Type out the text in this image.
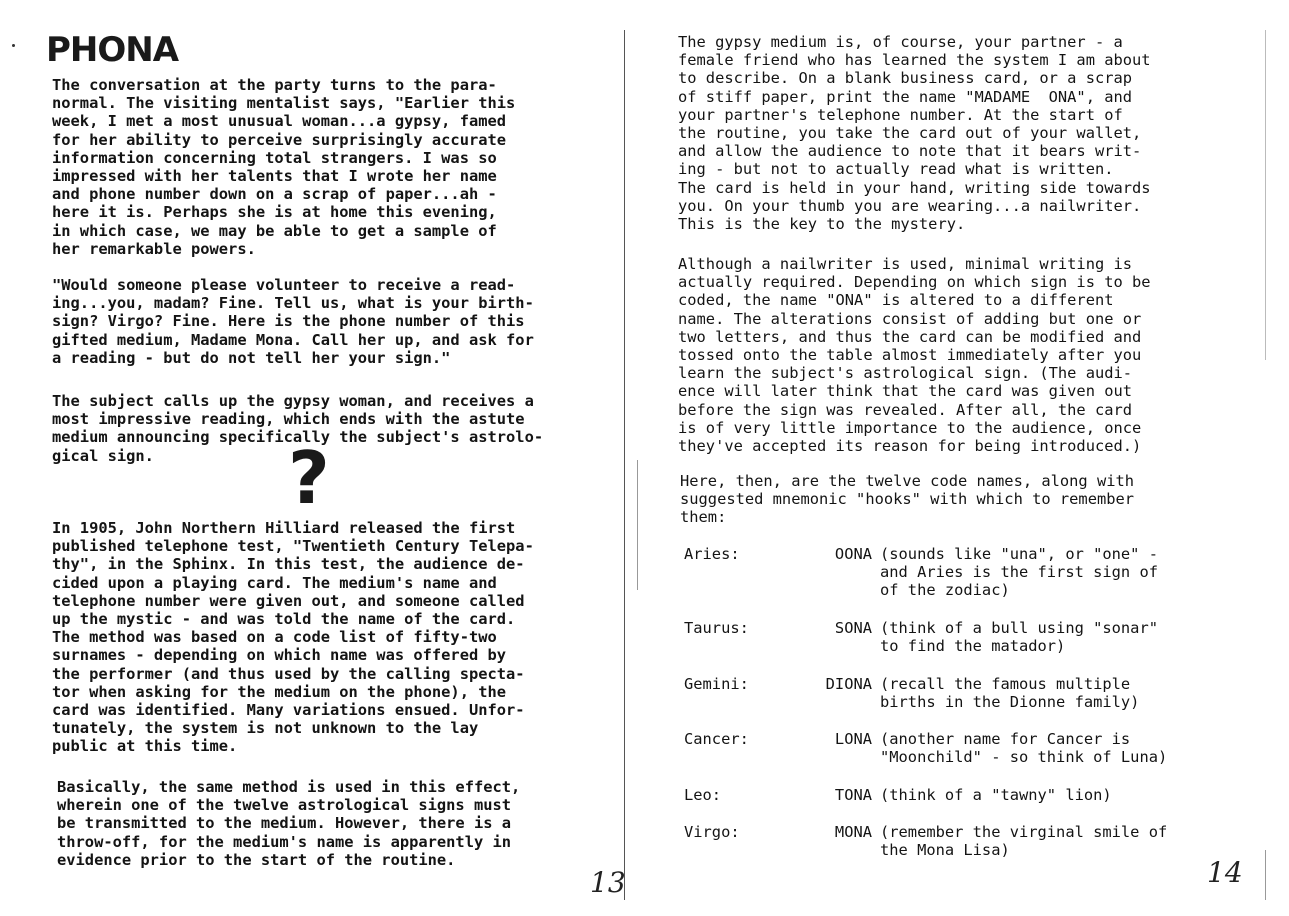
PHONA

The conversation at the party turns to the para-
normal. The visiting mentalist says, "Earlier this
week, I met a most unusual woman...a gypsy, famed
for her ability to perceive surprisingly accurate
information concerning total strangers. I was so
impressed with her talents that I wrote her name
and phone number down on a scrap of paper...ah -
here it is. Perhaps she is at home this evening,
in which case, we may be able to get a sample of
her remarkable powers.

"Would someone please volunteer to receive a read-
ing...you, madam? Fine. Tell us, what is your birth-
sign? Virgo? Fine. Here is the phone number of this
gifted medium, Madame Mona. Call her up, and ask for
a reading - but do not tell her your sign."

The subject calls up the gypsy woman, and receives a
most impressive reading, which ends with the astute
medium announcing specifically the subject's astrolo-
gical sign.	?

In 1905, John Northern Hilliard released the first
published telephone test, "Twentieth Century Telepa-
thy", in the Sphinx. In this test, the audience de-
cided upon a playing card. The medium's name and
telephone number were given out, and someone called
up the mystic - and was told the name of the card.
The method was based on a code list of fifty-two
surnames - depending on which name was offered by
the performer (and thus used by the calling specta-
tor when asking for the medium on the phone), the
card was identified. Many variations ensued. Unfor-
tunately, the system is not unknown to the lay
public at this time.

Basically, the same method is used in this effect,
wherein one of the twelve astrological signs must
be transmitted to the medium. However, there is a
throw-off, for the medium's name is apparently in
evidence prior to the start of the routine.

13

The gypsy medium is, of course, your partner - a
female friend who has learned the system I am about
to describe. On a blank business card, or a scrap
of stiff paper, print the name "MADAME  ONA", and
your partner's telephone number. At the start of
the routine, you take the card out of your wallet,
and allow the audience to note that it bears writ-
ing - but not to actually read what is written.
The card is held in your hand, writing side towards
you. On your thumb you are wearing...a nailwriter.
This is the key to the mystery.

Although a nailwriter is used, minimal writing is
actually required. Depending on which sign is to be
coded, the name "ONA" is altered to a different
name. The alterations consist of adding but one or
two letters, and thus the card can be modified and
tossed onto the table almost immediately after you
learn the subject's astrological sign. (The audi-
ence will later think that the card was given out
before the sign was revealed. After all, the card
is of very little importance to the audience, once
they've accepted its reason for being introduced.)

Here, then, are the twelve code names, along with
suggested mnemonic "hooks" with which to remember
them:

Aries:	OONA (sounds like "una", or "one" -
and Aries is the first sign of
of the zodiac)

Taurus:	SONA (think of a bull using "sonar"
to find the matador)

Gemini:	DIONA (recall the famous multiple
births in the Dionne family)

Cancer:	LONA (another name for Cancer is
"Moonchild" - so think of Luna)

Leo:	TONA (think of a "tawny" lion)

Virgo:	MONA (remember the virginal smile of
the Mona Lisa)

14
